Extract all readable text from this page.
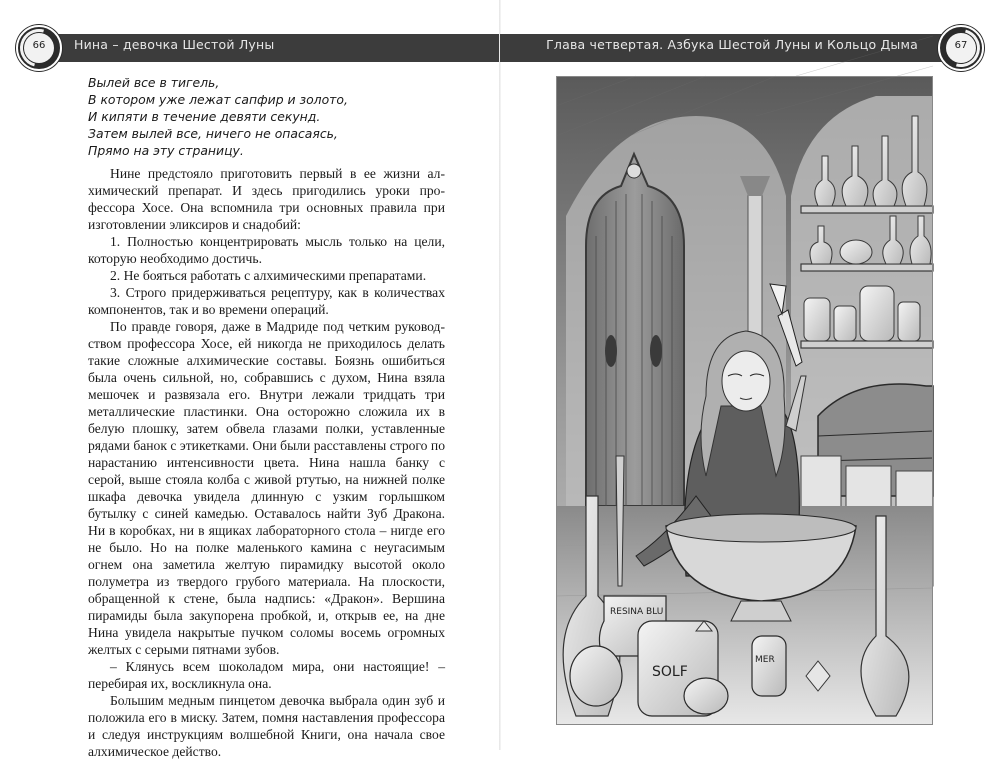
Нина – девочка Шестой Луны
66
Вылей все в тигель,
В котором уже лежат сапфир и золото,
И кипяти в течение девяти секунд.
Затем вылей все, ничего не опасаясь,
Прямо на эту страницу.

Нине предстояло приготовить первый в ее жизни алхимический препарат. И здесь пригодились уроки профессора Хосе. Она вспомнила три основных правила при изготовлении эликсиров и снадобий:

1. Полностью концентрировать мысль только на цели, которую необходимо достичь.

2. Не бояться работать с алхимическими препаратами.

3. Строго придерживаться рецептуру, как в количествах компонентов, так и во времени операций.

По правде говоря, даже в Мадриде под четким руководством профессора Хосе, ей никогда не приходилось делать такие сложные алхимические составы. Боязнь ошибиться была очень сильной, но, собравшись с духом, Нина взяла мешочек и развязала его. Внутри лежали тридцать три металлические пластинки. Она осторожно сложила их в белую плошку, затем обвела глазами полки, уставленные рядами банок с этикетками. Они были расставлены строго по нарастанию интенсивности цвета. Нина нашла банку с серой, выше стояла колба с живой ртутью, на нижней полке шкафа девочка увидела длинную с узким горлышком бутылку с синей камедью. Оставалось найти Зуб Дракона. Ни в коробках, ни в ящиках лабораторного стола – нигде его не было. Но на полке маленького камина с неугасимым огнем она заметила желтую пирамидку высотой около полуметра из твердого грубого материала. На плоскости, обращенной к стене, была надпись: «Дракон». Вершина пирамиды была закупорена пробкой, и, открыв ее, на дне Нина увидела накрытые пучком соломы восемь огромных желтых с серыми пятнами зубов.

– Клянусь всем шоколадом мира, они настоящие! – перебирая их, воскликнула она.

Большим медным пинцетом девочка выбрала один зуб и положила его в миску. Затем, помня наставления профессора и следуя инструкциям волшебной Книги, она начала свое алхимическое действо.

Глава четвертая. Азбука Шестой Луны и Кольцо Дыма	67
RESINA BLU
SOLF
MER
